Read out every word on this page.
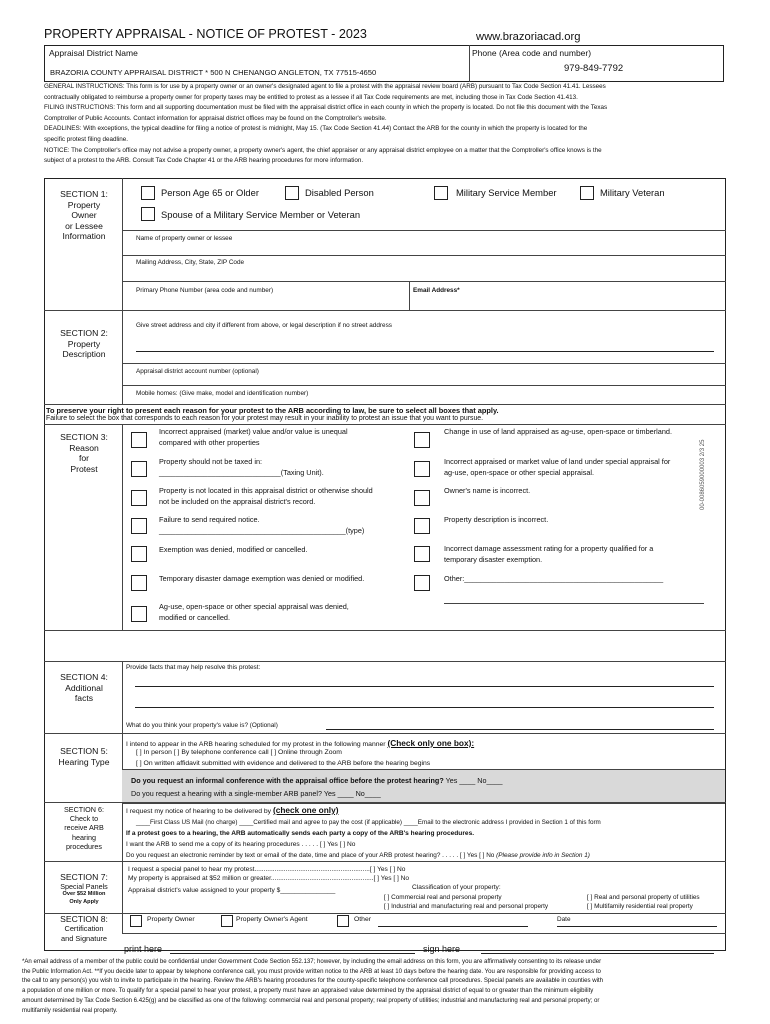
PROPERTY APPRAISAL - NOTICE OF PROTEST - 2023	www.brazoriacad.org
Appraisal District Name	Phone (Area code and number)
BRAZORIA COUNTY APPRAISAL DISTRICT * 500 N CHENANGO ANGLETON, TX 77515-4650	979-849-7792
GENERAL INSTRUCTIONS: This form is for use by a property owner or an owner's designated agent to file a protest with the appraisal review board (ARB) pursuant to Tax Code Section 41.41. Lessees
contractually obligated to reimburse a property owner for property taxes may be entitled to protest as a lessee if all Tax Code requirements are met, including those in Tax Code Section 41.413.
FILING INSTRUCTIONS: This form and all supporting documentation must be filed with the appraisal district office in each county in which the property is located. Do not file this document with the Texas
Comptroller of Public Accounts. Contact information for appraisal district offices may be found on the Comptroller's website.
DEADLINES: With exceptions, the typical deadline for filing a notice of protest is midnight, May 15. (Tax Code Section 41.44) Contact the ARB for the county in which the property is located for the
specific protest filing deadline.
NOTICE: The Comptroller's office may not advise a property owner, a property owner's agent, the chief appraiser or any appraisal district employee on a matter that the Comptroller's office knows is the
subject of a protest to the ARB. Consult Tax Code Chapter 41 or the ARB hearing procedures for more information.
SECTION 1:
Property
Owner
or Lessee
Information
Person Age 65 or Older	Disabled Person	Military Service Member	Military Veteran
Spouse of a Military Service Member or Veteran
Name of property owner or lessee
Mailing Address, City, State, ZIP Code
Primary Phone Number (area code and number)	Email Address*
SECTION 2:
Property
Description
Give street address and city if different from above, or legal description if no street address
Appraisal district account number (optional)
Mobile homes: (Give make, model and identification number)
To preserve your right to present each reason for your protest to the ARB according to law, be sure to select all boxes that apply.
Failure to select the box that corresponds to each reason for your protest may result in your inability to protest an issue that you want to pursue.
SECTION 3:
Reason
for
Protest
Incorrect appraised (market) value and/or value is unequal
compared with other properties
Property should not be taxed in:
______________________________(Taxing Unit).
Property is not located in this appraisal district or otherwise should
not be included on the appraisal district's record.
Failure to send required notice.
______________________________________________(type)
Exemption was denied, modified or cancelled.
Temporary disaster damage exemption was denied or modified.
Ag-use, open-space or other special appraisal was denied,
modified or cancelled.
Change in use of land appraised as ag-use, open-space or timberland.
Incorrect appraised or market value of land under special appraisal for
ag-use, open-space or other special appraisal.
Owner's name is incorrect.
Property description is incorrect.
Incorrect damage assessment rating for a property qualified for a
temporary disaster exemption.
Other:_________________________________________________
SECTION 4:
Additional
facts
Provide facts that may help resolve this protest:
What do you think your property's value is? (Optional)
SECTION 5:
Hearing Type
I intend to appear in the ARB hearing scheduled for my protest in the following manner (Check only one box):
[ ] In person [ ] By telephone conference call [ ] Online through Zoom
[ ] On written affidavit submitted with evidence and delivered to the ARB before the hearing begins
Do you request an informal conference with the appraisal office before the protest hearing? Yes ____ No____
Do you request a hearing with a single-member ARB panel? Yes ____ No____
SECTION 6:
Check to
receive ARB
hearing
procedures
I request my notice of hearing to be delivered by (check one only)
____First Class US Mail (no charge) ____Certified mail and agree to pay the cost (if applicable) ____Email to the electronic address I provided in Section 1 of this form
If a protest goes to a hearing, the ARB automatically sends each party a copy of the ARB's hearing procedures.
I want the ARB to send me a copy of its hearing procedures . . . . . [ ] Yes [ ] No
Do you request an electronic reminder by text or email of the date, time and place of your ARB protest hearing? . . . . . [ ] Yes [ ] No (Please provide info in Section 1)
SECTION 7:
Special Panels
Over $52 Million
Only Apply
I request a special panel to hear my protest...............................................................[ ] Yes [ ] No
My property is appraised at $52 million or greater........................................................[ ] Yes [ ] No
Appraisal district's value assigned to your property $_______________	Classification of your property:
[ ] Commercial real and personal property
[ ] Industrial and manufacturing real and personal property
[ ] Real and personal property of utilities
[ ] Multifamily residential real property
SECTION 8:
Certification
and Signature
Property Owner	Property Owner's Agent	Other	Date
print here	sign here
*An email address of a member of the public could be confidential under Government Code Section 552.137; however, by including the email address on this form, you are affirmatively consenting to its release under
the Public Information Act. **If you decide later to appear by telephone conference call, you must provide written notice to the ARB at least 10 days before the hearing date. You are responsible for providing access to
the call to any person(s) you wish to invite to participate in the hearing. Review the ARB's hearing procedures for the county-specific telephone conference call procedures. Special panels are available in counties with
a population of one million or more. To qualify for a special panel to hear your protest, a property must have an appraised value determined by the appraisal district of equal to or greater than the minimum eligibility
amount determined by Tax Code Section 6.425(g) and be classified as one of the following: commercial real and personal property; real property of utilities; industrial and manufacturing real and personal property; or
multifamily residential real property.
00-0086059000003 2/3 25
